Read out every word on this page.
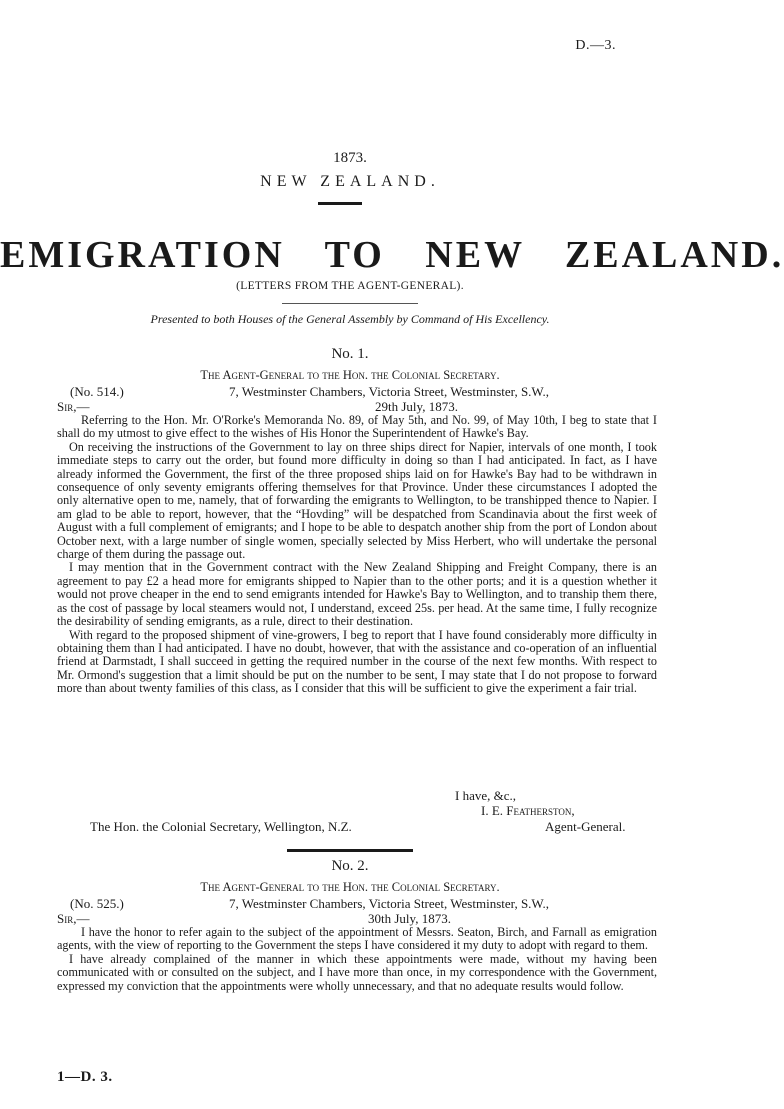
D.—3.
1873.
NEW ZEALAND.
EMIGRATION TO NEW ZEALAND.
(LETTERS FROM THE AGENT-GENERAL).
Presented to both Houses of the General Assembly by Command of His Excellency.
No. 1.
The Agent-General to the Hon. the Colonial Secretary.
(No. 514.)	7, Westminster Chambers, Victoria Street, Westminster, S.W.,
Sir,—	29th July, 1873.

Referring to the Hon. Mr. O'Rorke's Memoranda No. 89, of May 5th, and No. 99, of May 10th, I beg to state that I shall do my utmost to give effect to the wishes of His Honor the Superintendent of Hawke's Bay.

On receiving the instructions of the Government to lay on three ships direct for Napier, intervals of one month, I took immediate steps to carry out the order, but found more difficulty in doing so than I had anticipated. In fact, as I have already informed the Government, the first of the three proposed ships laid on for Hawke's Bay had to be withdrawn in consequence of only seventy emigrants offering themselves for that Province. Under these circumstances I adopted the only alternative open to me, namely, that of forwarding the emigrants to Wellington, to be transhipped thence to Napier. I am glad to be able to report, however, that the “Hovding” will be despatched from Scandinavia about the first week of August with a full complement of emigrants; and I hope to be able to despatch another ship from the port of London about October next, with a large number of single women, specially selected by Miss Herbert, who will undertake the personal charge of them during the passage out.

I may mention that in the Government contract with the New Zealand Shipping and Freight Company, there is an agreement to pay £2 a head more for emigrants shipped to Napier than to the other ports; and it is a question whether it would not prove cheaper in the end to send emigrants intended for Hawke's Bay to Wellington, and to tranship them there, as the cost of passage by local steamers would not, I understand, exceed 25s. per head. At the same time, I fully recognize the desirability of sending emigrants, as a rule, direct to their destination.

With regard to the proposed shipment of vine-growers, I beg to report that I have found considerably more difficulty in obtaining them than I had anticipated. I have no doubt, however, that with the assistance and co-operation of an influential friend at Darmstadt, I shall succeed in getting the required number in the course of the next few months. With respect to Mr. Ormond's suggestion that a limit should be put on the number to be sent, I may state that I do not propose to forward more than about twenty families of this class, as I consider that this will be sufficient to give the experiment a fair trial.

I have, &c.,
I. E. Featherston,
The Hon. the Colonial Secretary, Wellington, N.Z.	Agent-General.
No. 2.
The Agent-General to the Hon. the Colonial Secretary.
(No. 525.)	7, Westminster Chambers, Victoria Street, Westminster, S.W.,
Sir,—	30th July, 1873.

I have the honor to refer again to the subject of the appointment of Messrs. Seaton, Birch, and Farnall as emigration agents, with the view of reporting to the Government the steps I have considered it my duty to adopt with regard to them.

I have already complained of the manner in which these appointments were made, without my having been communicated with or consulted on the subject, and I have more than once, in my correspondence with the Government, expressed my conviction that the appointments were wholly unnecessary, and that no adequate results would follow.

1—D. 3.
